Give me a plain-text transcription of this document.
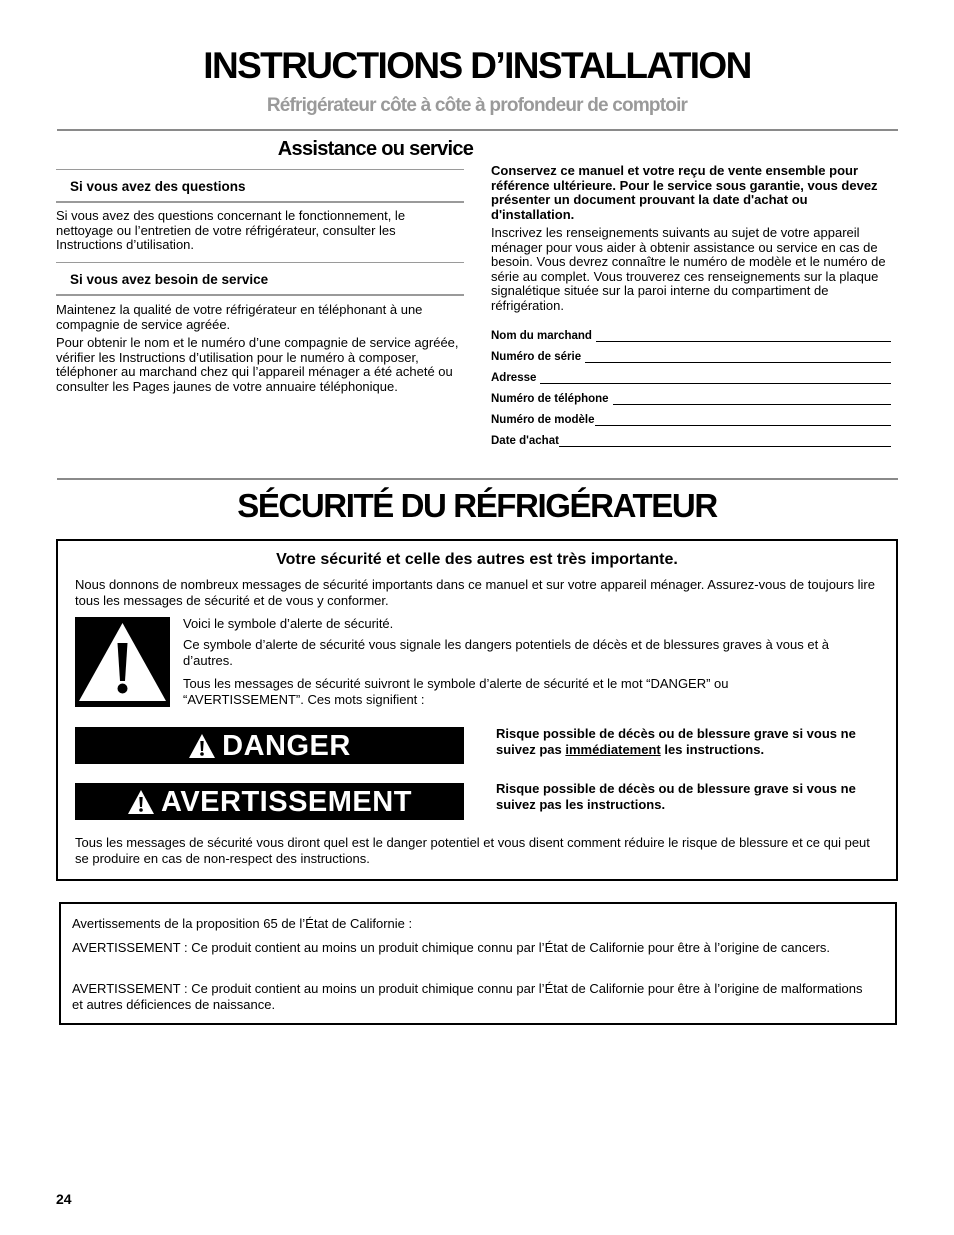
INSTRUCTIONS D’INSTALLATION
Réfrigérateur côte à côte à profondeur de comptoir
Assistance ou service
Si vous avez des questions
Si vous avez des questions concernant le fonctionnement, le nettoyage ou l’entretien de votre réfrigérateur, consulter les Instructions d’utilisation.
Si vous avez besoin de service
Maintenez la qualité de votre réfrigérateur en téléphonant à une compagnie de service agréée.
Pour obtenir le nom et le numéro d’une compagnie de service agréée, vérifier les Instructions d’utilisation pour le numéro à composer, téléphoner au marchand chez qui l’appareil ménager a été acheté ou consulter les Pages jaunes de votre annuaire téléphonique.
Conservez ce manuel et votre reçu de vente ensemble pour référence ultérieure. Pour le service sous garantie, vous devez présenter un document prouvant la date d'achat ou d'installation.
Inscrivez les renseignements suivants au sujet de votre appareil ménager pour vous aider à obtenir assistance ou service en cas de besoin. Vous devrez connaître le numéro de modèle et le numéro de série au complet. Vous trouverez ces renseignements sur la plaque signalétique située sur la paroi interne du compartiment de réfrigération.
Nom du marchand
Numéro de série
Adresse
Numéro de téléphone
Numéro de modèle
Date d'achat
SÉCURITÉ DU RÉFRIGÉRATEUR
Votre sécurité et celle des autres est très importante.
Nous donnons de nombreux messages de sécurité importants dans ce manuel et sur votre appareil ménager. Assurez-vous de toujours lire tous les messages de sécurité et de vous y conformer.
Voici le symbole d’alerte de sécurité.
Ce symbole d’alerte de sécurité vous signale les dangers potentiels de décès et de blessures graves à vous et à d’autres.
Tous les messages de sécurité suivront le symbole d’alerte de sécurité et le mot “DANGER” ou “AVERTISSEMENT”. Ces mots signifient :
DANGER	Risque possible de décès ou de blessure grave si vous ne suivez pas immédiatement les instructions.
AVERTISSEMENT	Risque possible de décès ou de blessure grave si vous ne suivez pas les instructions.
Tous les messages de sécurité vous diront quel est le danger potentiel et vous disent comment réduire le risque de blessure et ce qui peut se produire en cas de non-respect des instructions.
Avertissements de la proposition 65 de l’État de Californie :
AVERTISSEMENT : Ce produit contient au moins un produit chimique connu par l’État de Californie pour être à l’origine de cancers.
AVERTISSEMENT : Ce produit contient au moins un produit chimique connu par l’État de Californie pour être à l’origine de malformations et autres déficiences de naissance.
24
